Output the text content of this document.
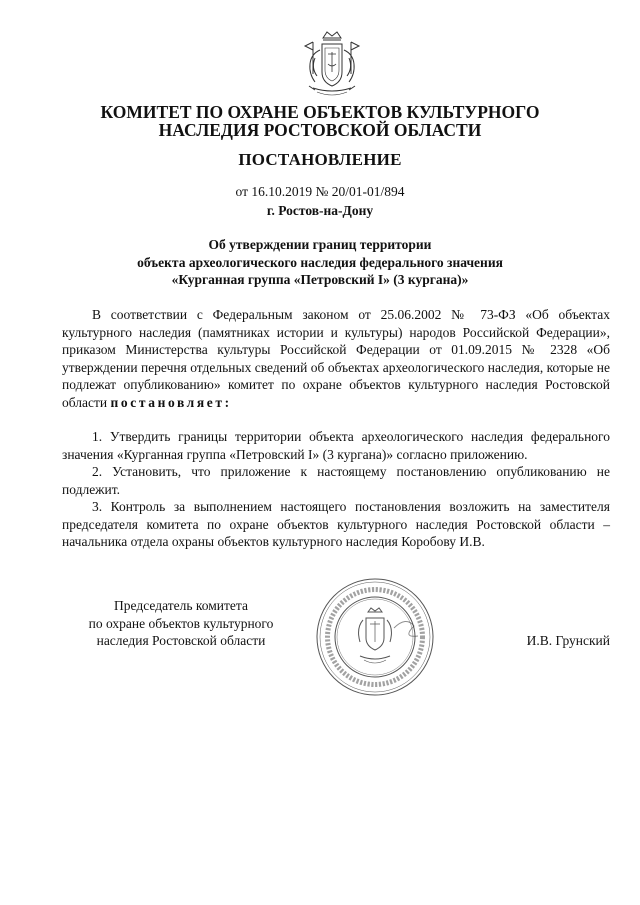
КОМИТЕТ ПО ОХРАНЕ ОБЪЕКТОВ КУЛЬТУРНОГО
НАСЛЕДИЯ РОСТОВСКОЙ ОБЛАСТИ
ПОСТАНОВЛЕНИЕ
от 16.10.2019 № 20/01-01/894
г. Ростов-на-Дону
Об утверждении границ территории
объекта археологического наследия федерального значения
«Курганная группа «Петровский I» (3 кургана)»

В соответствии с Федеральным законом от 25.06.2002 № 73-ФЗ «Об объектах культурного наследия (памятниках истории и культуры) народов Российской Федерации», приказом Министерства культуры Российской Федерации от 01.09.2015 № 2328 «Об утверждении перечня отдельных сведений об объектах археологического наследия, которые не подлежат опубликованию» комитет по охране объектов культурного наследия Ростовской области постановляет:

1. Утвердить границы территории объекта археологического наследия федерального значения «Курганная группа «Петровский I» (3 кургана)» согласно приложению.

2. Установить, что приложение к настоящему постановлению опубликованию не подлежит.

3. Контроль за выполнением настоящего постановления возложить на заместителя председателя комитета по охране объектов культурного наследия Ростовской области – начальника отдела охраны объектов культурного наследия Коробову И.В.

Председатель комитета
по охране объектов культурного
наследия Ростовской области	И.В. Грунский
